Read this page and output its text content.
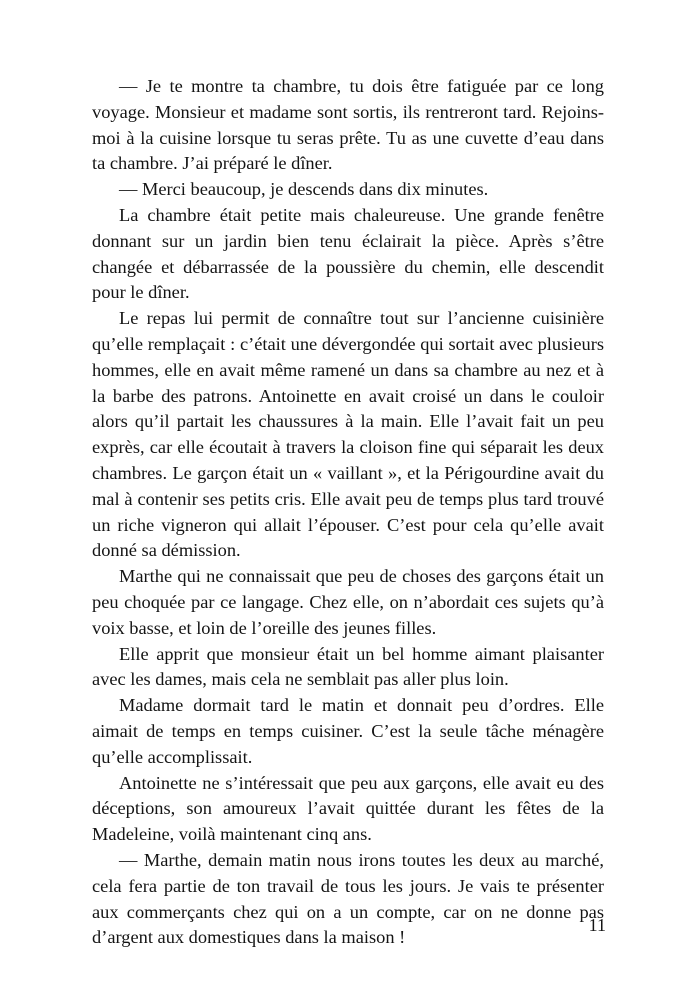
— Je te montre ta chambre, tu dois être fatiguée par ce long voyage. Monsieur et madame sont sortis, ils rentreront tard. Rejoins-moi à la cuisine lorsque tu seras prête. Tu as une cuvette d’eau dans ta chambre. J’ai préparé le dîner.

— Merci beaucoup, je descends dans dix minutes.

La chambre était petite mais chaleureuse. Une grande fenêtre donnant sur un jardin bien tenu éclairait la pièce. Après s’être changée et débarrassée de la poussière du chemin, elle descendit pour le dîner.

Le repas lui permit de connaître tout sur l’ancienne cuisinière qu’elle remplaçait : c’était une dévergondée qui sortait avec plusieurs hommes, elle en avait même ramené un dans sa chambre au nez et à la barbe des patrons. Antoinette en avait croisé un dans le couloir alors qu’il partait les chaussures à la main. Elle l’avait fait un peu exprès, car elle écoutait à travers la cloison fine qui séparait les deux chambres. Le garçon était un « vaillant », et la Périgourdine avait du mal à contenir ses petits cris. Elle avait peu de temps plus tard trouvé un riche vigneron qui allait l’épouser. C’est pour cela qu’elle avait donné sa démission.

Marthe qui ne connaissait que peu de choses des garçons était un peu choquée par ce langage. Chez elle, on n’abordait ces sujets qu’à voix basse, et loin de l’oreille des jeunes filles.

Elle apprit que monsieur était un bel homme aimant plaisanter avec les dames, mais cela ne semblait pas aller plus loin.

Madame dormait tard le matin et donnait peu d’ordres. Elle aimait de temps en temps cuisiner. C’est la seule tâche ménagère qu’elle accomplissait.

Antoinette ne s’intéressait que peu aux garçons, elle avait eu des déceptions, son amoureux l’avait quittée durant les fêtes de la Madeleine, voilà maintenant cinq ans.

— Marthe, demain matin nous irons toutes les deux au marché, cela fera partie de ton travail de tous les jours. Je vais te présenter aux commerçants chez qui on a un compte, car on ne donne pas d’argent aux domestiques dans la maison !

11
